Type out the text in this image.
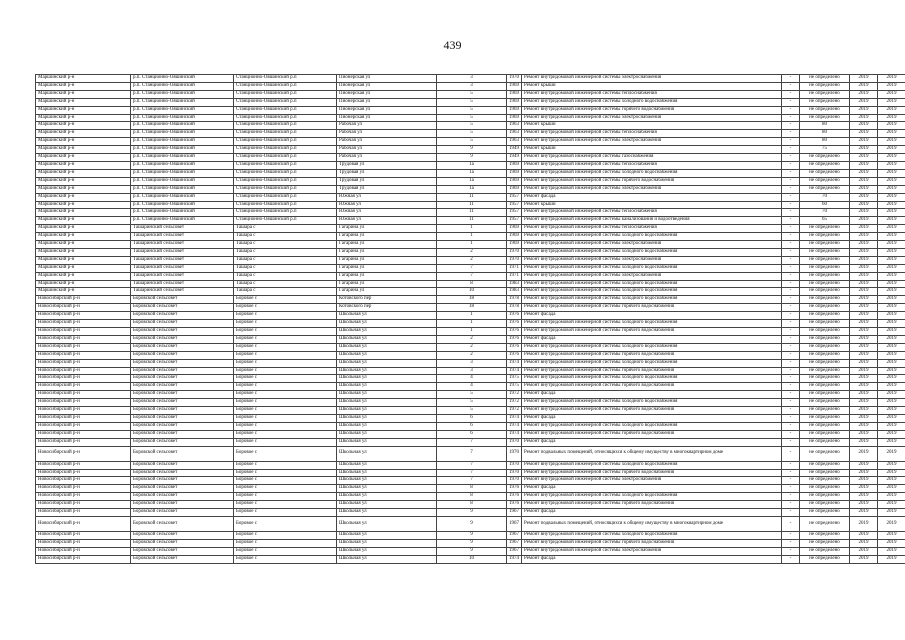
439
Маршинский р-н	р.п. Станционно-Ояшинский	Станционно-Ояшинский р.п	Пионерская ул	3	1970	Ремонт внутридомовой инженерной системы электроснабжения	-	не определено	2019	2019
Маршинский р-н	р.п. Станционно-Ояшинский	Станционно-Ояшинский р.п	Пионерская ул	3	1969	Ремонт крыши	-	не определено	2019	2019
Маршинский р-н	р.п. Станционно-Ояшинский	Станционно-Ояшинский р.п	Пионерская ул	5	1969	Ремонт внутридомовой инженерной системы теплоснабжения	-	не определено	2019	2019
Маршинский р-н	р.п. Станционно-Ояшинский	Станционно-Ояшинский р.п	Пионерская ул	5	1969	Ремонт внутридомовой инженерной системы холодного водоснабжения	-	не определено	2019	2019
Маршинский р-н	р.п. Станционно-Ояшинский	Станционно-Ояшинский р.п	Пионерская ул	5	1969	Ремонт внутридомовой инженерной системы горячего водоснабжения	-	не определено	2019	2019
Маршинский р-н	р.п. Станционно-Ояшинский	Станционно-Ояшинский р.п	Пионерская ул	5	1969	Ремонт внутридомовой инженерной системы электроснабжения	-	не определено	2019	2019
Маршинский р-н	р.п. Станционно-Ояшинский	Станционно-Ояшинский р.п	Рабочая ул	5	1963	Ремонт крыши	-	80	2019	2019
Маршинский р-н	р.п. Станционно-Ояшинский	Станционно-Ояшинский р.п	Рабочая ул	5	1963	Ремонт внутридомовой инженерной системы теплоснабжения	-	80	2019	2019
Маршинский р-н	р.п. Станционно-Ояшинский	Станционно-Ояшинский р.п	Рабочая ул	5	1963	Ремонт внутридомовой инженерной системы электроснабжения	-	80	2019	2019
Маршинский р-н	р.п. Станционно-Ояшинский	Станционно-Ояшинский р.п	Рабочая ул	9	1949	Ремонт крыши	-	75	2019	2019
Маршинский р-н	р.п. Станционно-Ояшинский	Станционно-Ояшинский р.п	Рабочая ул	9	1949	Ремонт внутридомовой инженерной системы газоснабжения	-	не определено	2019	2019
Маршинский р-н	р.п. Станционно-Ояшинский	Станционно-Ояшинский р.п	Трудовая ул	1а	1969	Ремонт внутридомовой инженерной системы теплоснабжения	-	не определено	2019	2019
Маршинский р-н	р.п. Станционно-Ояшинский	Станционно-Ояшинский р.п	Трудовая ул	1а	1969	Ремонт внутридомовой инженерной системы холодного водоснабжения	-	не определено	2019	2019
Маршинский р-н	р.п. Станционно-Ояшинский	Станционно-Ояшинский р.п	Трудовая ул	1а	1969	Ремонт внутридомовой инженерной системы горячего водоснабжения	-	не определено	2019	2019
Маршинский р-н	р.п. Станционно-Ояшинский	Станционно-Ояшинский р.п	Трудовая ул	1а	1969	Ремонт внутридомовой инженерной системы электроснабжения	-	не определено	2019	2019
Маршинский р-н	р.п. Станционно-Ояшинский	Станционно-Ояшинский р.п	Южная ул	11	1957	Ремонт фасада	-	70	2019	2019
Маршинский р-н	р.п. Станционно-Ояшинский	Станционно-Ояшинский р.п	Южная ул	11	1957	Ремонт крыши	-	60	2019	2019
Маршинский р-н	р.п. Станционно-Ояшинский	Станционно-Ояшинский р.п	Южная ул	11	1957	Ремонт внутридомовой инженерной системы теплоснабжения	-	70	2019	2019
Маршинский р-н	р.п. Станционно-Ояшинский	Станционно-Ояшинский р.п	Южная ул	11	1957	Ремонт внутридомовой инженерной системы канализования и водоотведения	-	65	2019	2019
Маршинский р-н	Ташаринский сельсовет	Ташара с	Гагарина ул	1	1969	Ремонт внутридомовой инженерной системы теплоснабжения	-	не определено	2019	2019
Маршинский р-н	Ташаринский сельсовет	Ташара с	Гагарина ул	1	1969	Ремонт внутридомовой инженерной системы холодного водоснабжения	-	не определено	2019	2019
Маршинский р-н	Ташаринский сельсовет	Ташара с	Гагарина ул	1	1969	Ремонт внутридомовой инженерной системы электроснабжения	-	не определено	2019	2019
Маршинский р-н	Ташаринский сельсовет	Ташара с	Гагарина ул	2	1970	Ремонт внутридомовой инженерной системы холодного водоснабжения	-	не определено	2019	2019
Маршинский р-н	Ташаринский сельсовет	Ташара с	Гагарина ул	2	1970	Ремонт внутридомовой инженерной системы электроснабжения	-	не определено	2019	2019
Маршинский р-н	Ташаринский сельсовет	Ташара с	Гагарина ул	7	1971	Ремонт внутридомовой инженерной системы холодного водоснабжения	-	не определено	2019	2019
Маршинский р-н	Ташаринский сельсовет	Ташара с	Гагарина ул	7	1971	Ремонт внутридомовой инженерной системы электроснабжения	-	не определено	2019	2019
Маршинский р-н	Ташаринский сельсовет	Ташара с	Гагарина ул	8	1983	Ремонт внутридомовой инженерной системы холодного водоснабжения	-	не определено	2019	2019
Маршинский р-н	Ташаринский сельсовет	Ташара с	Гагарина ул	10	1983	Ремонт внутридомовой инженерной системы холодного водоснабжения	-	не определено	2019	2019
Новосибирский р-н	Боровской сельсовет	Боровое с	Котовского пер	18	1978	Ремонт внутридомовой инженерной системы холодного водоснабжения	-	не определено	2019	2019
Новосибирский р-н	Боровской сельсовет	Боровое с	Котовского пер	18	1978	Ремонт внутридомовой инженерной системы горячего водоснабжения	-	не определено	2019	2019
Новосибирский р-н	Боровской сельсовет	Боровое с	Школьная ул	1	1976	Ремонт фасада	-	не определено	2019	2019
Новосибирский р-н	Боровской сельсовет	Боровое с	Школьная ул	1	1976	Ремонт внутридомовой инженерной системы холодного водоснабжения	-	не определено	2019	2019
Новосибирский р-н	Боровской сельсовет	Боровое с	Школьная ул	1	1976	Ремонт внутридомовой инженерной системы горячего водоснабжения	-	не определено	2019	2019
Новосибирский р-н	Боровской сельсовет	Боровое с	Школьная ул	2	1976	Ремонт фасада	-	не определено	2019	2019
Новосибирский р-н	Боровской сельсовет	Боровое с	Школьная ул	2	1976	Ремонт внутридомовой инженерной системы холодного водоснабжения	-	не определено	2019	2019
Новосибирский р-н	Боровской сельсовет	Боровое с	Школьная ул	2	1976	Ремонт внутридомовой инженерной системы горячего водоснабжения	-	не определено	2019	2019
Новосибирский р-н	Боровской сельсовет	Боровое с	Школьная ул	3	1974	Ремонт внутридомовой инженерной системы холодного водоснабжения	-	не определено	2019	2019
Новосибирский р-н	Боровской сельсовет	Боровое с	Школьная ул	3	1974	Ремонт внутридомовой инженерной системы горячего водоснабжения	-	не определено	2019	2019
Новосибирский р-н	Боровской сельсовет	Боровое с	Школьная ул	4	1975	Ремонт внутридомовой инженерной системы холодного водоснабжения	-	не определено	2019	2019
Новосибирский р-н	Боровской сельсовет	Боровое с	Школьная ул	4	1975	Ремонт внутридомовой инженерной системы горячего водоснабжения	-	не определено	2019	2019
Новосибирский р-н	Боровской сельсовет	Боровое с	Школьная ул	5	1972	Ремонт фасада	-	не определено	2019	2019
Новосибирский р-н	Боровской сельсовет	Боровое с	Школьная ул	5	1972	Ремонт внутридомовой инженерной системы холодного водоснабжения	-	не определено	2019	2019
Новосибирский р-н	Боровской сельсовет	Боровое с	Школьная ул	5	1972	Ремонт внутридомовой инженерной системы горячего водоснабжения	-	не определено	2019	2019
Новосибирский р-н	Боровской сельсовет	Боровое с	Школьная ул	6	1974	Ремонт фасада	-	не определено	2019	2019
Новосибирский р-н	Боровской сельсовет	Боровое с	Школьная ул	6	1974	Ремонт внутридомовой инженерной системы холодного водоснабжения	-	не определено	2019	2019
Новосибирский р-н	Боровской сельсовет	Боровое с	Школьная ул	6	1974	Ремонт внутридомовой инженерной системы горячего водоснабжения	-	не определено	2019	2019
Новосибирский р-н	Боровской сельсовет	Боровое с	Школьная ул	7	1970	Ремонт фасада	-	не определено	2019	2019
Новосибирский р-н	Боровской сельсовет	Боровое с	Школьная ул	7	1970	Ремонт подвальных помещений, относящихся к общему имуществу в многоквартирном доме	-	не определено	2019	2019
Новосибирский р-н	Боровской сельсовет	Боровое с	Школьная ул	7	1970	Ремонт внутридомовой инженерной системы холодного водоснабжения	-	не определено	2019	2019
Новосибирский р-н	Боровской сельсовет	Боровое с	Школьная ул	7	1970	Ремонт внутридомовой инженерной системы горячего водоснабжения	-	не определено	2019	2019
Новосибирский р-н	Боровской сельсовет	Боровое с	Школьная ул	7	1970	Ремонт внутридомовой инженерной системы электроснабжения	-	не определено	2019	2019
Новосибирский р-н	Боровской сельсовет	Боровое с	Школьная ул	8	1976	Ремонт фасада	-	не определено	2019	2019
Новосибирский р-н	Боровской сельсовет	Боровое с	Школьная ул	8	1976	Ремонт внутридомовой инженерной системы холодного водоснабжения	-	не определено	2019	2019
Новосибирский р-н	Боровской сельсовет	Боровое с	Школьная ул	8	1976	Ремонт внутридомовой инженерной системы горячего водоснабжения	-	не определено	2019	2019
Новосибирский р-н	Боровской сельсовет	Боровое с	Школьная ул	9	1967	Ремонт фасада	-	не определено	2019	2019
Новосибирский р-н	Боровской сельсовет	Боровое с	Школьная ул	9	1967	Ремонт подвальных помещений, относящихся к общему имуществу в многоквартирном доме	-	не определено	2019	2019
Новосибирский р-н	Боровской сельсовет	Боровое с	Школьная ул	9	1967	Ремонт внутридомовой инженерной системы холодного водоснабжения	-	не определено	2019	2019
Новосибирский р-н	Боровской сельсовет	Боровое с	Школьная ул	9	1967	Ремонт внутридомовой инженерной системы горячего водоснабжения	-	не определено	2019	2019
Новосибирский р-н	Боровской сельсовет	Боровое с	Школьная ул	9	1967	Ремонт внутридомовой инженерной системы электроснабжения	-	не определено	2019	2019
Новосибирский р-н	Боровской сельсовет	Боровое с	Школьная ул	10	1974	Ремонт фасада	-	не определено	2019	2019
